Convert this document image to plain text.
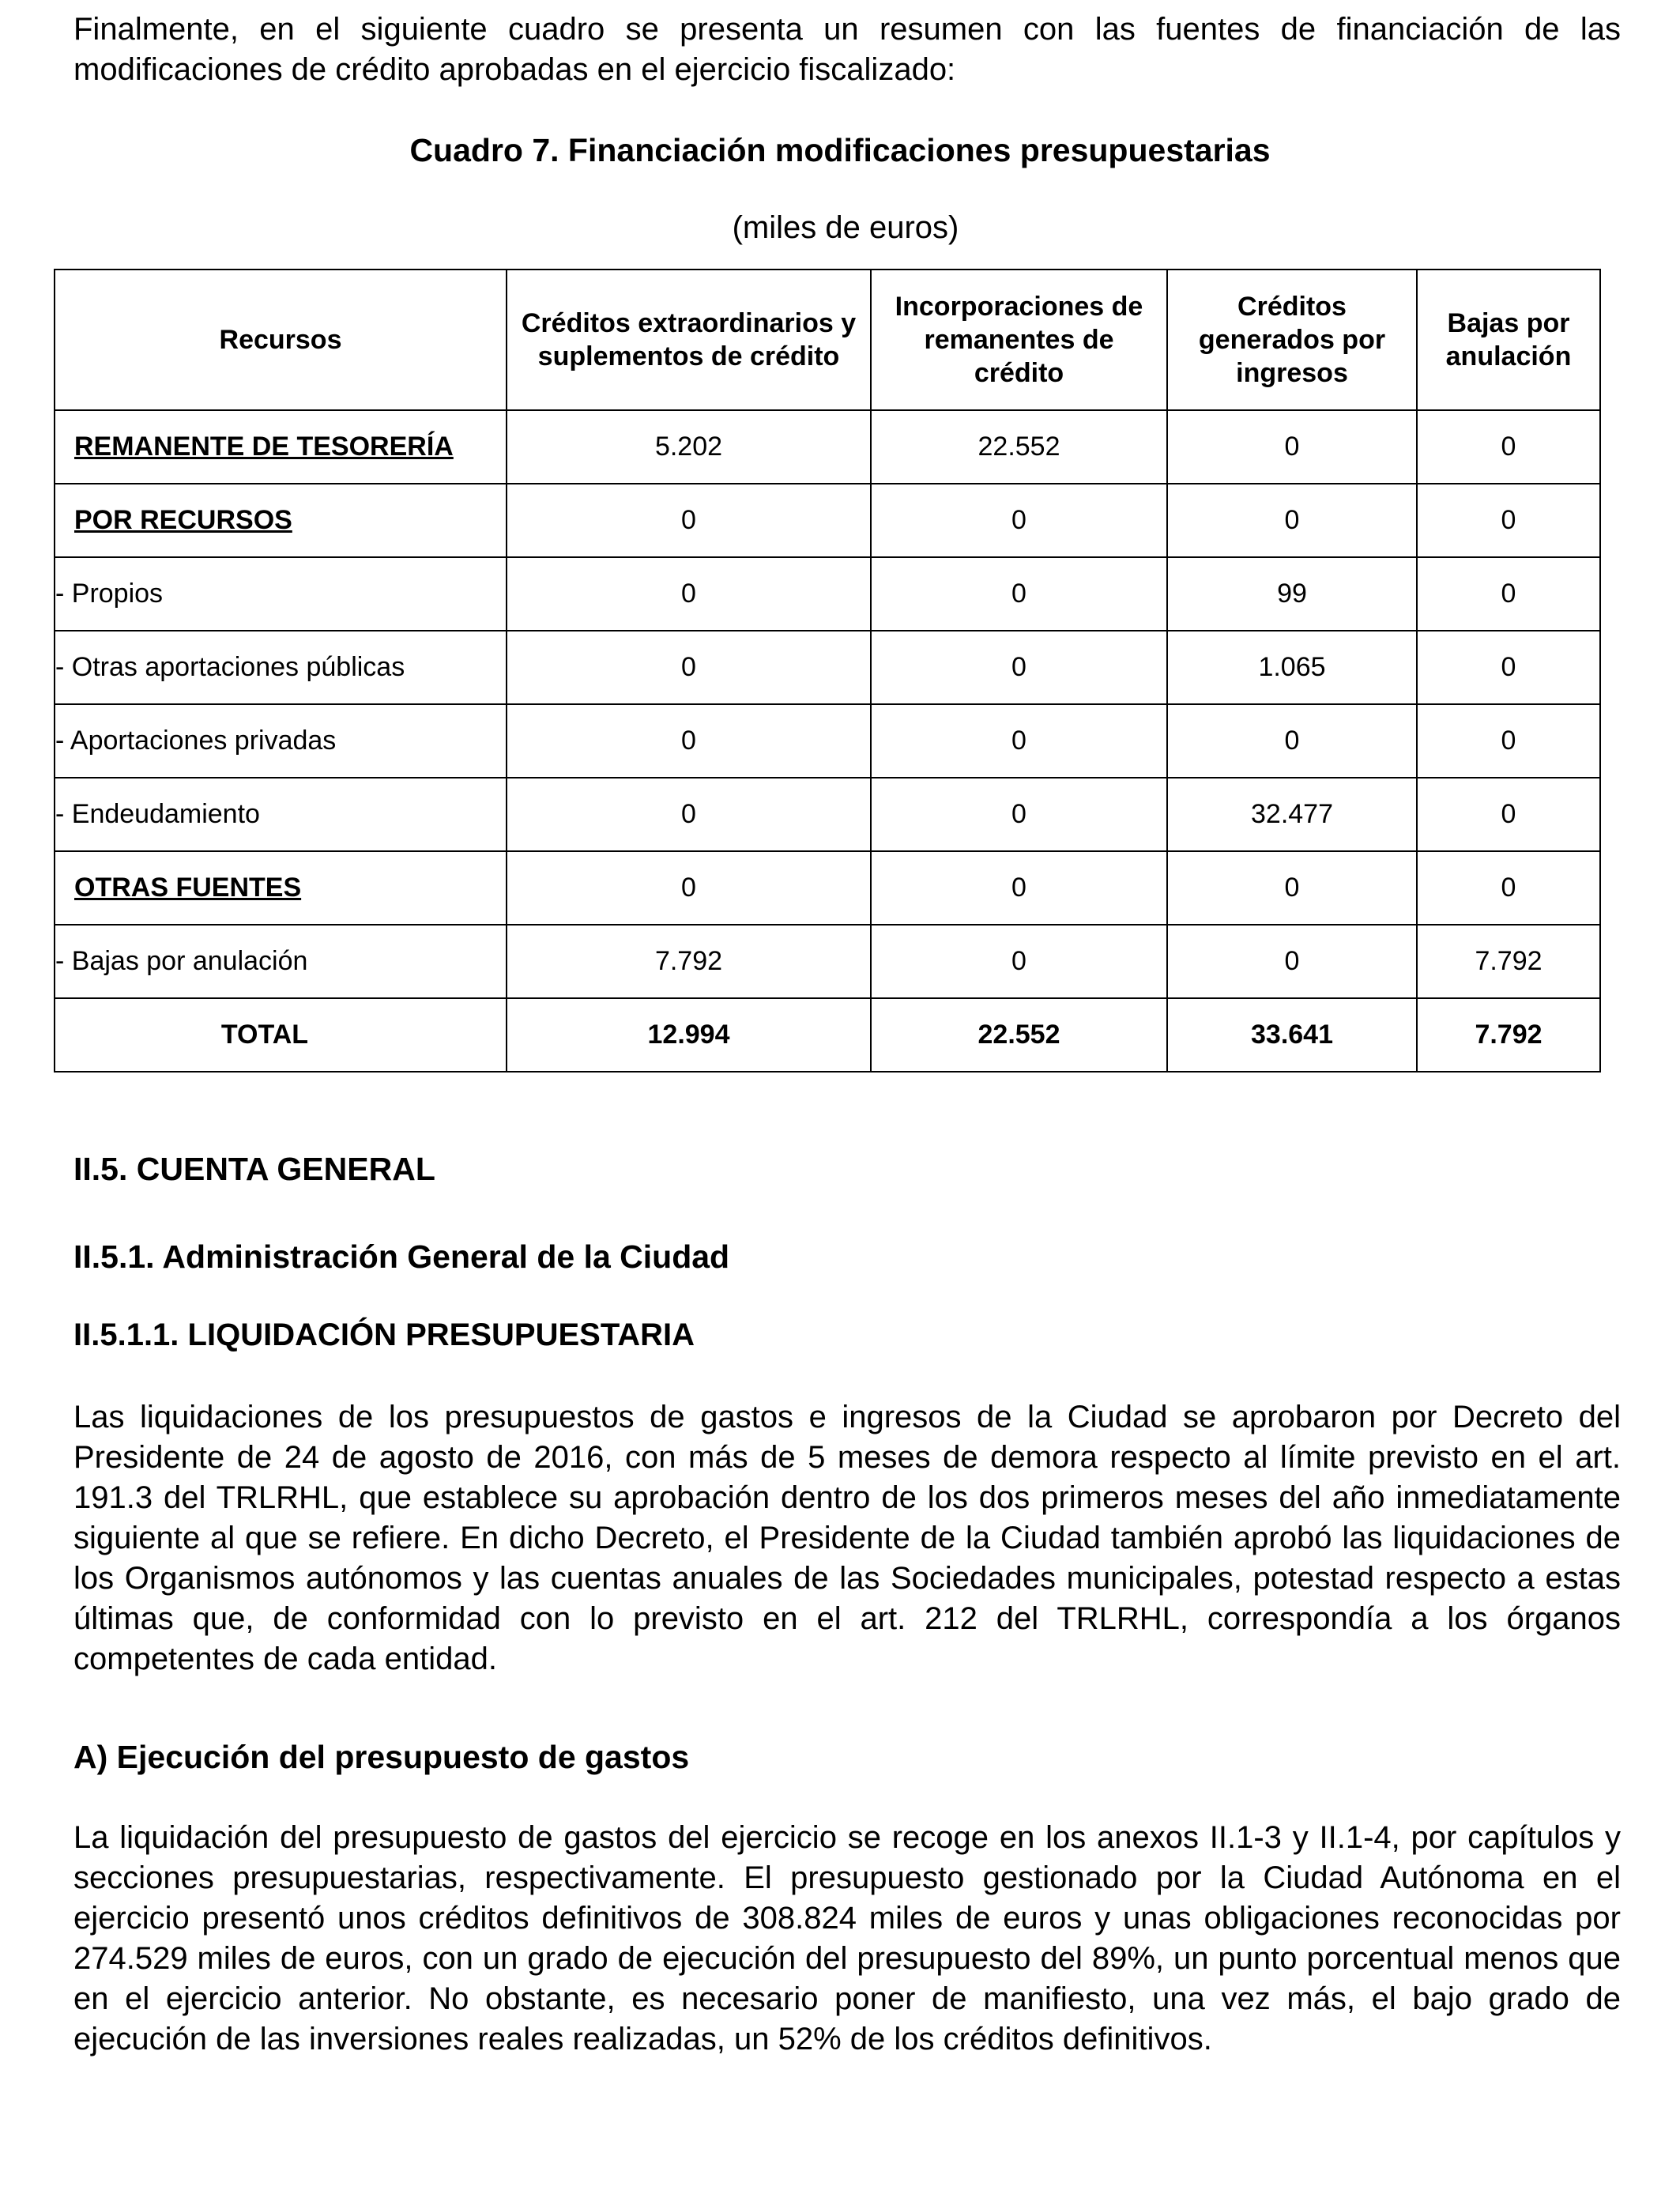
Finalmente, en el siguiente cuadro se presenta un resumen con las fuentes de financiación de las modificaciones de crédito aprobadas en el ejercicio fiscalizado:

Cuadro 7. Financiación modificaciones presupuestarias

(miles de euros)

Recursos	Créditos extraordinarios y suplementos de crédito	Incorporaciones de remanentes de crédito	Créditos generados por ingresos	Bajas por anulación
REMANENTE DE TESORERÍA	5.202	22.552	0	0
POR RECURSOS	0	0	0	0
- Propios	0	0	99	0
- Otras aportaciones públicas	0	0	1.065	0
- Aportaciones privadas	0	0	0	0
- Endeudamiento	0	0	32.477	0
OTRAS FUENTES	0	0	0	0
- Bajas por anulación	7.792	0	0	7.792
TOTAL	12.994	22.552	33.641	7.792
II.5. CUENTA GENERAL
II.5.1. Administración General de la Ciudad
II.5.1.1. LIQUIDACIÓN PRESUPUESTARIA

Las liquidaciones de los presupuestos de gastos e ingresos de la Ciudad se aprobaron por Decreto del Presidente de 24 de agosto de 2016, con más de 5 meses de demora respecto al límite previsto en el art. 191.3 del TRLRHL, que establece su aprobación dentro de los dos primeros meses del año inmediatamente siguiente al que se refiere. En dicho Decreto, el Presidente de la Ciudad también aprobó las liquidaciones de los Organismos autónomos y las cuentas anuales de las Sociedades municipales, potestad respecto a estas últimas que, de conformidad con lo previsto en el art. 212 del TRLRHL, correspondía a los órganos competentes de cada entidad.

A) Ejecución del presupuesto de gastos

La liquidación del presupuesto de gastos del ejercicio se recoge en los anexos II.1-3 y II.1-4, por capítulos y secciones presupuestarias, respectivamente. El presupuesto gestionado por la Ciudad Autónoma en el ejercicio presentó unos créditos definitivos de 308.824 miles de euros y unas obligaciones reconocidas por 274.529 miles de euros, con un grado de ejecución del presupuesto del 89%, un punto porcentual menos que en el ejercicio anterior. No obstante, es necesario poner de manifiesto, una vez más, el bajo grado de ejecución de las inversiones reales realizadas, un 52% de los créditos definitivos.
